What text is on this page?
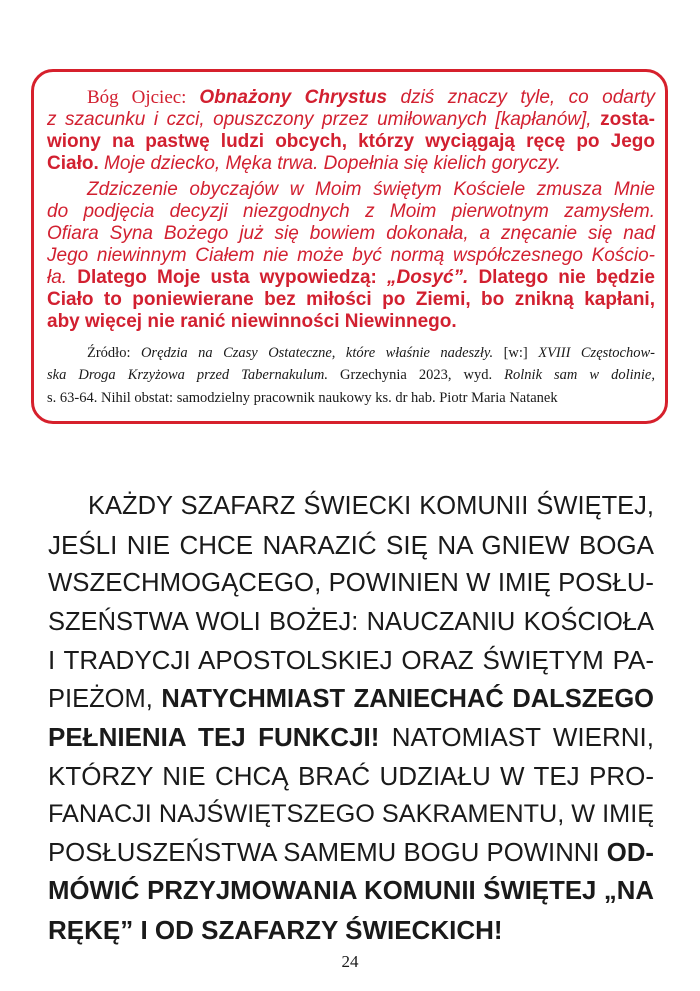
Bóg Ojciec: Obnażony Chrystus dziś znaczy tyle, co odarty

z szacunku i czci, opuszczony przez umiłowanych [kapłanów], zosta-

wiony na pastwę ludzi obcych, którzy wyciągają ręcę po Jego

Ciało. Moje dziecko, Męka trwa. Dopełnia się kielich goryczy.

Zdziczenie obyczajów w Moim świętym Kościele zmusza Mnie

do podjęcia decyzji niezgodnych z Moim pierwotnym zamysłem.

Ofiara Syna Bożego już się bowiem dokonała, a znęcanie się nad

Jego niewinnym Ciałem nie może być normą współczesnego Kościo-

ła. Dlatego Moje usta wypowiedzą: „Dosyć”. Dlatego nie będzie

Ciało to poniewierane bez miłości po Ziemi, bo znikną kapłani,

aby więcej nie ranić niewinności Niewinnego.

Źródło: Orędzia na Czasy Ostateczne, które właśnie nadeszły. [w:] XVIII Częstochow-

ska Droga Krzyżowa przed Tabernakulum. Grzechynia 2023, wyd. Rolnik sam w dolinie,

s. 63-64. Nihil obstat: samodzielny pracownik naukowy ks. dr hab. Piotr Maria Natanek

KAŻDY SZAFARZ ŚWIECKI KOMUNII ŚWIĘTEJ,

JEŚLI NIE CHCE NARAZIĆ SIĘ NA GNIEW BOGA

WSZECHMOGĄCEGO, POWINIEN W IMIĘ POSŁU-

SZEŃSTWA WOLI BOŻEJ: NAUCZANIU KOŚCIOŁA

I TRADYCJI APOSTOLSKIEJ ORAZ ŚWIĘTYM PA-

PIEŻOM, NATYCHMIAST ZANIECHAĆ DALSZEGO

PEŁNIENIA TEJ FUNKCJI! NATOMIAST WIERNI,

KTÓRZY NIE CHCĄ BRAĆ UDZIAŁU W TEJ PRO-

FANACJI NAJŚWIĘTSZEGO SAKRAMENTU, W IMIĘ

POSŁUSZEŃSTWA SAMEMU BOGU POWINNI OD-

MÓWIĆ PRZYJMOWANIA KOMUNII ŚWIĘTEJ „NA

RĘKĘ” I OD SZAFARZY ŚWIECKICH!

24
